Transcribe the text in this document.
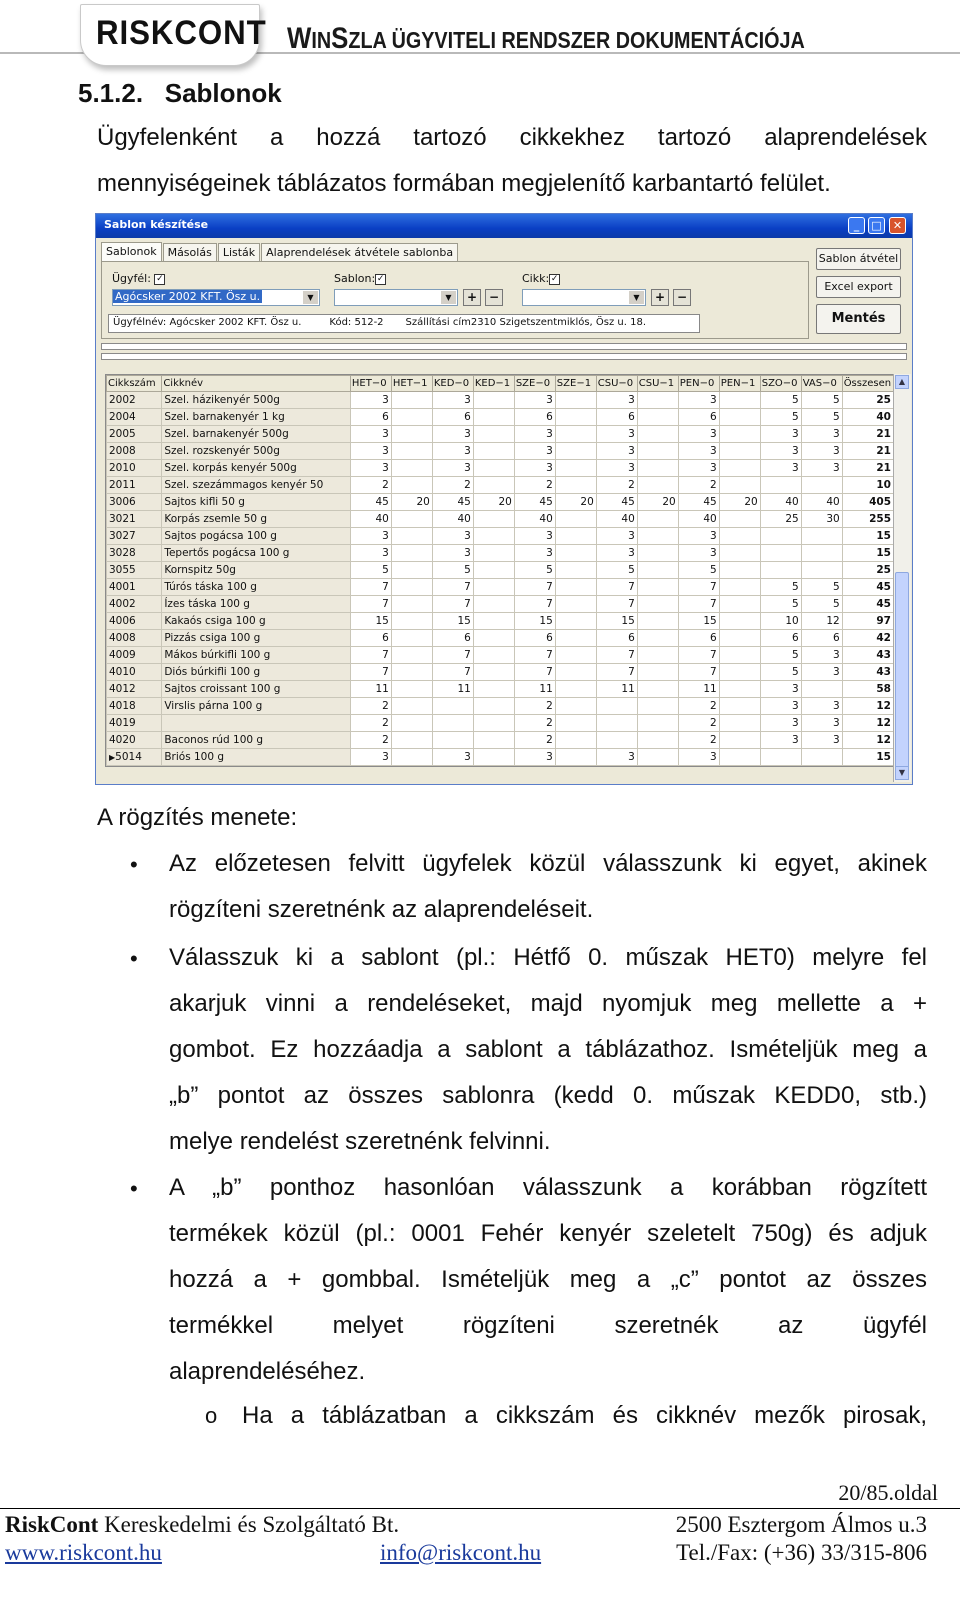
RISKCONT WINSZLA ÜGYVITELI RENDSZER DOKUMENTÁCIÓJA
5.1.2. Sablonok
Ügyfelenként a hozzá tartozó cikkekhez tartozó alaprendelések
mennyiségeinek táblázatos formában megjelenítő karbantartó felület.
Sablon készítése	_	□	✕
Sablonok Másolás Listák Alaprendelések átvétele sablonba
Ügyfél: ✓
Agócsker 2002 KFT. Ösz u.	▼
Sablon: ✓
▼	+ −
Cikk: ✓
▼	+ −
Ügyfélnév: Agócsker 2002 KFT. Ösz u.	Kód: 512-2 Szállítási cím2310 Szigetszentmiklós, Ösz u. 18.
Sablon átvétel
Excel export
Mentés
Cikkszám	Cikknév	HET−0	HET−1	KED−0	KED−1	SZE−0	SZE−1	CSU−0	CSU−1	PEN−0	PEN−1	SZO−0	VAS−0	Összesen
2002	Szel. házikenyér 500g	3		3		3		3		3		5	5	25
2004	Szel. barnakenyér 1 kg	6		6		6		6		6		5	5	40
2005	Szel. barnakenyér 500g	3		3		3		3		3		3	3	21
2008	Szel. rozskenyér 500g	3		3		3		3		3		3	3	21
2010	Szel. korpás kenyér 500g	3		3		3		3		3		3	3	21
2011	Szel. szezámmagos kenyér 50	2		2		2		2		2				10
3006	Sajtos kifli 50 g	45	20	45	20	45	20	45	20	45	20	40	40	405
3021	Korpás zsemle 50 g	40		40		40		40		40		25	30	255
3027	Sajtos pogácsa 100 g	3		3		3		3		3				15
3028	Tepertős pogácsa 100 g	3		3		3		3		3				15
3055	Kornspitz 50g	5		5		5		5		5				25
4001	Túrós táska 100 g	7		7		7		7		7		5	5	45
4002	Ízes táska 100 g	7		7		7		7		7		5	5	45
4006	Kakaós csiga 100 g	15		15		15		15		15		10	12	97
4008	Pizzás csiga 100 g	6		6		6		6		6		6	6	42
4009	Mákos búrkifli 100 g	7		7		7		7		7		5	3	43
4010	Diós búrkifli 100 g	7		7		7		7		7		5	3	43
4012	Sajtos croissant 100 g	11		11		11		11		11		3		58
4018	Virslis párna 100 g	2				2				2		3	3	12
4019		2				2				2		3	3	12
4020	Baconos rúd 100 g	2				2				2		3	3	12
▶5014	Briós 100 g	3		3		3		3		3				15
▲
▼
A rögzítés menete:
• Az előzetesen felvitt ügyfelek közül válasszunk ki egyet, akinek
rögzíteni szeretnénk az alaprendeléseit.
• Válasszuk ki a sablont (pl.: Hétfő 0. műszak HET0) melyre fel
akarjuk vinni a rendeléseket, majd nyomjuk meg mellette a +
gombot. Ez hozzáadja a sablont a táblázathoz. Ismételjük meg a
„b” pontot az összes sablonra (kedd 0. műszak KEDD0, stb.)
melye rendelést szeretnénk felvinni.
• A „b” ponthoz hasonlóan válasszunk a korábban rögzített
termékek közül (pl.: 0001 Fehér kenyér szeletelt 750g) és adjuk
hozzá a + gombbal. Ismételjük meg a „c” pontot az összes
termékkel melyet rögzíteni szeretnék az ügyfél
alaprendeléséhez.
o Ha a táblázatban a cikkszám és cikknév mezők pirosak,
20/85.oldal
RiskCont Kereskedelmi és Szolgáltató Bt.	2500 Esztergom Álmos u.3
www.riskcont.hu	info@riskcont.hu	Tel./Fax: (+36) 33/315-806
